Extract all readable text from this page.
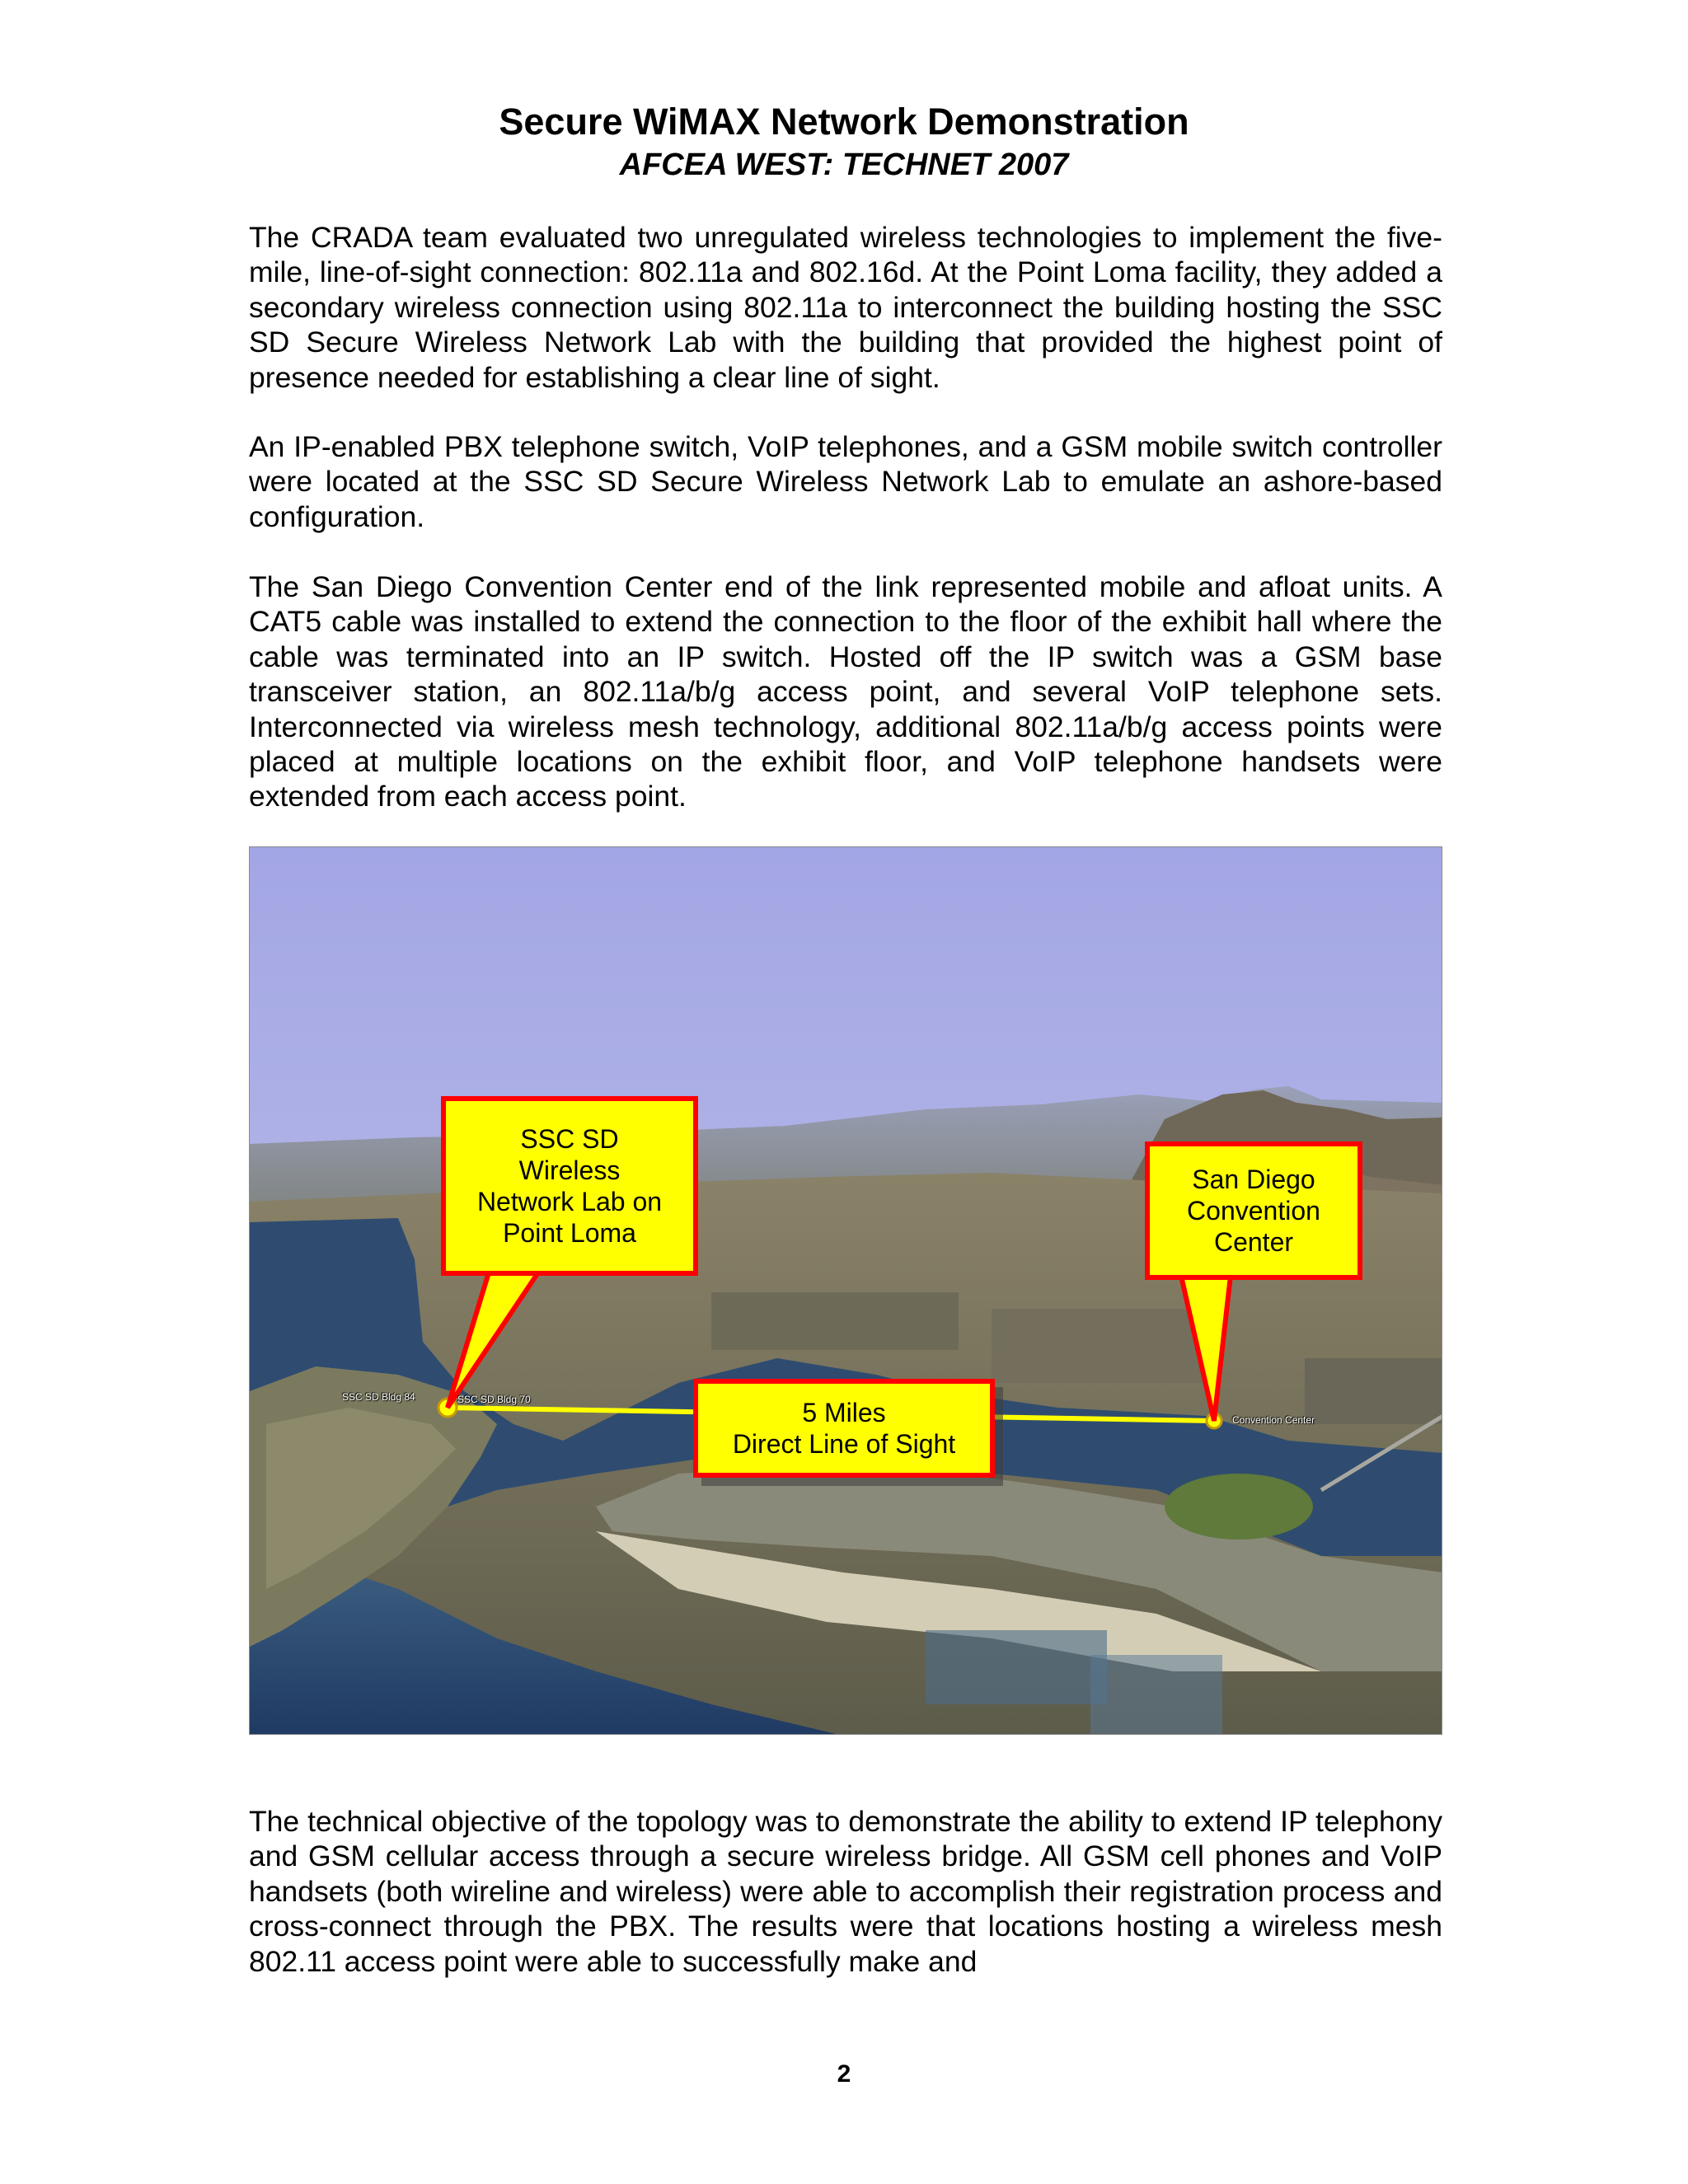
Secure WiMAX Network Demonstration
AFCEA WEST: TECHNET 2007

The CRADA team evaluated two unregulated wireless technologies to implement the five-mile, line-of-sight connection: 802.11a and 802.16d. At the Point Loma facility, they added a secondary wireless connection using 802.11a to interconnect the building hosting the SSC SD Secure Wireless Network Lab with the building that provided the highest point of presence needed for establishing a clear line of sight.

An IP-enabled PBX telephone switch, VoIP telephones, and a GSM mobile switch controller were located at the SSC SD Secure Wireless Network Lab to emulate an ashore-based configuration.

The San Diego Convention Center end of the link represented mobile and afloat units. A CAT5 cable was installed to extend the connection to the floor of the exhibit hall where the cable was terminated into an IP switch. Hosted off the IP switch was a GSM base transceiver station, an 802.11a/b/g access point, and several VoIP telephone sets. Interconnected via wireless mesh technology, additional 802.11a/b/g access points were placed at multiple locations on the exhibit floor, and VoIP telephone handsets were extended from each access point.

SSC SD
Wireless
Network Lab on
Point Loma
San Diego
Convention
Center
5 Miles
Direct Line of Sight
SSC SD Bldg 84	SSC SD Bldg 70
Convention Center

The technical objective of the topology was to demonstrate the ability to extend IP telephony and GSM cellular access through a secure wireless bridge. All GSM cell phones and VoIP handsets (both wireline and wireless) were able to accomplish their registration process and cross-connect through the PBX. The results were that locations hosting a wireless mesh 802.11 access point were able to successfully make and

2
